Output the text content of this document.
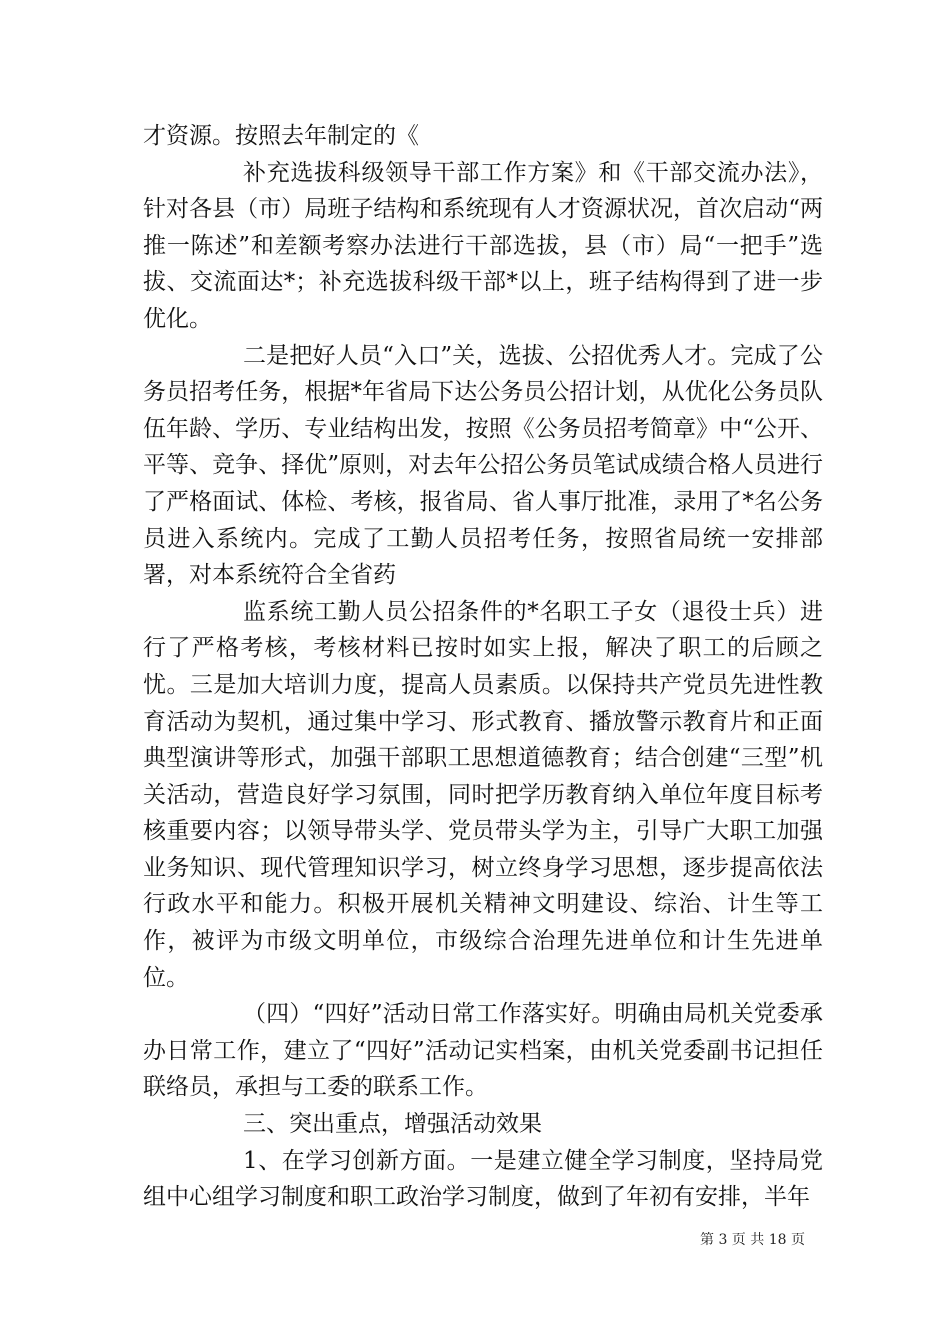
才资源。按照去年制定的《

补充选拔科级领导干部工作方案》和《干部交流办法》，针对各县（市）局班子结构和系统现有人才资源状况，首次启动“两推一陈述”和差额考察办法进行干部选拔，县（市）局“一把手”选拔、交流面达*；补充选拔科级干部*以上，班子结构得到了进一步优化。

二是把好人员“入口”关，选拔、公招优秀人才。完成了公务员招考任务，根据*年省局下达公务员公招计划，从优化公务员队伍年龄、学历、专业结构出发，按照《公务员招考简章》中“公开、平等、竞争、择优”原则，对去年公招公务员笔试成绩合格人员进行了严格面试、体检、考核，报省局、省人事厅批准，录用了*名公务员进入系统内。完成了工勤人员招考任务，按照省局统一安排部署，对本系统符合全省药

监系统工勤人员公招条件的*名职工子女（退役士兵）进行了严格考核，考核材料已按时如实上报，解决了职工的后顾之忧。三是加大培训力度，提高人员素质。以保持共产党员先进性教育活动为契机，通过集中学习、形式教育、播放警示教育片和正面典型演讲等形式，加强干部职工思想道德教育；结合创建“三型”机关活动，营造良好学习氛围，同时把学历教育纳入单位年度目标考核重要内容；以领导带头学、党员带头学为主，引导广大职工加强业务知识、现代管理知识学习，树立终身学习思想，逐步提高依法行政水平和能力。积极开展机关精神文明建设、综治、计生等工作，被评为市级文明单位，市级综合治理先进单位和计生先进单位。

（四）“四好”活动日常工作落实好。明确由局机关党委承办日常工作，建立了“四好”活动记实档案，由机关党委副书记担任联络员，承担与工委的联系工作。

三、突出重点，增强活动效果

1、在学习创新方面。一是建立健全学习制度，坚持局党组中心组学习制度和职工政治学习制度，做到了年初有安排，半年

第 3 页 共 18 页
